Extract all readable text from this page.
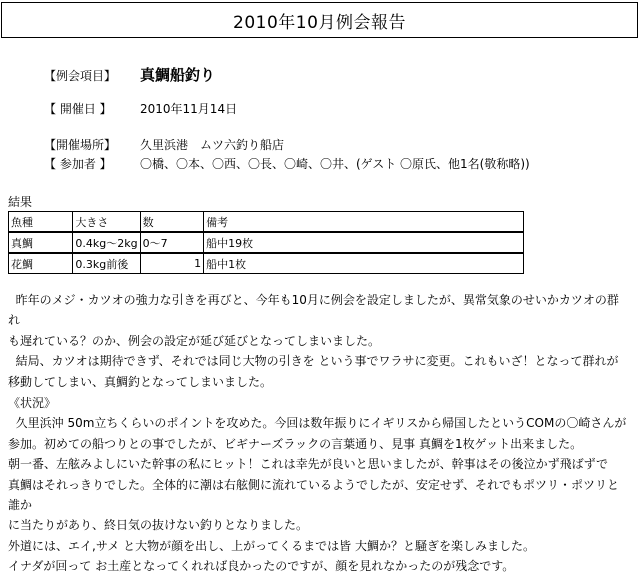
2010年10月例会報告
【例会項目】 真鯛船釣り
【 開催日 】 2010年11月14日
【開催場所】 久里浜港　ムツ六釣り船店
【 参加者 】 〇橋、〇本、〇西、〇長、〇崎、〇井、(ゲスト 〇原氏、他1名(敬称略))
結果
魚種	大きさ	数	備考
真鯛	0.4kg～2kg	0～7	船中19枚
花鯛	0.3kg前後	1	船中1枚

昨年のメジ・カツオの強力な引きを再びと、今年も10月に例会を設定しましたが、異常気象のせいかカツオの群れ

も遅れている？のか、例会の設定が延び延びとなってしまいました。

結局、カツオは期待できず、それでは同じ大物の引きを という事でワラサに変更。これもいざ！となって群れが

移動してしまい、真鯛釣となってしまいました。

《状況》

久里浜沖 50m立ちくらいのポイントを攻めた。今回は数年振りにイギリスから帰国したというCOMの〇崎さんが

参加。初めての船つりとの事でしたが、ビギナーズラックの言葉通り、見事 真鯛を1枚ゲット出来ました。

朝一番、左舷みよしにいた幹事の私にヒット！これは幸先が良いと思いましたが、幹事はその後泣かず飛ばずで

真鯛はそれっきりでした。全体的に潮は右舷側に流れているようでしたが、安定せず、それでもポツリ・ポツリと誰か

に当たりがあり、終日気の抜けない釣りとなりました。

外道には、エイ,サメ と大物が顔を出し、上がってくるまでは皆 大鯛か？と騒ぎを楽しみました。

イナダが回って お土産となってくれれば良かったのですが、顔を見れなかったのが残念です。
